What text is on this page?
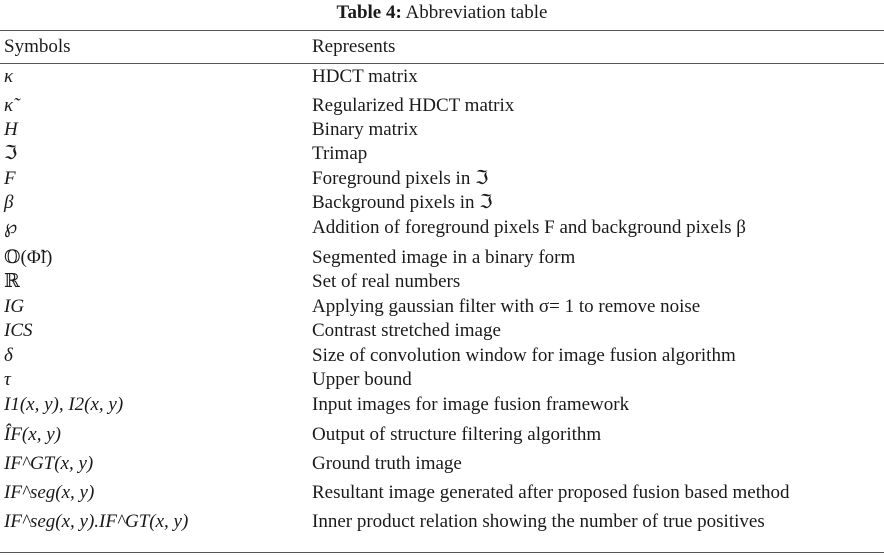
Table 4: Abbreviation table
Symbols	Represents
κ	HDCT matrix
κ̃	Regularized HDCT matrix
H	Binary matrix
ℑ	Trimap
F	Foreground pixels in ℑ
β	Background pixels in ℑ
℘	Addition of foreground pixels F and background pixels β
𝕆(Φ̃l)	Segmented image in a binary form
ℝ	Set of real numbers
IG	Applying gaussian filter with σ= 1 to remove noise
ICS	Contrast stretched image
δ	Size of convolution window for image fusion algorithm
τ	Upper bound
I1(x, y), I2(x, y)	Input images for image fusion framework
ÎF(x, y)	Output of structure filtering algorithm
IF^GT(x, y)	Ground truth image
IF^seg(x, y)	Resultant image generated after proposed fusion based method
IF^seg(x, y).IF^GT(x, y)	Inner product relation showing the number of true positives
